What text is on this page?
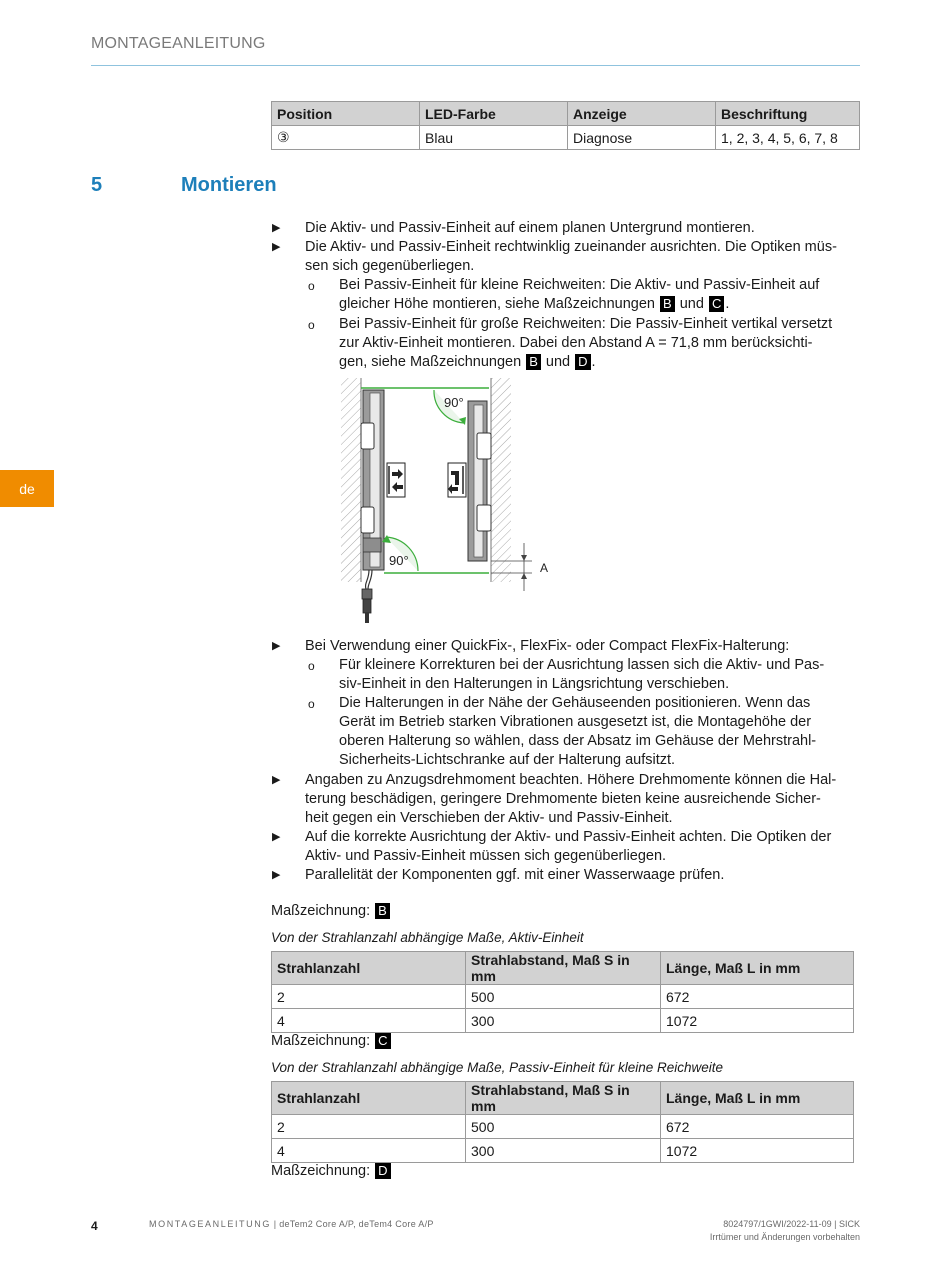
MONTAGEANLEITUNG
de
Position	LED-Farbe	Anzeige	Beschriftung
③	Blau	Diagnose	1, 2, 3, 4, 5, 6, 7, 8
5	Montieren
▶ Die Aktiv- und Passiv-Einheit auf einem planen Untergrund montieren.
▶ Die Aktiv- und Passiv-Einheit rechtwinklig zueinander ausrichten. Die Optiken müs-
sen sich gegenüberliegen.
o Bei Passiv-Einheit für kleine Reichweiten: Die Aktiv- und Passiv-Einheit auf
gleicher Höhe montieren, siehe Maßzeichnungen B und C .
o Bei Passiv-Einheit für große Reichweiten: Die Passiv-Einheit vertikal versetzt
zur Aktiv-Einheit montieren. Dabei den Abstand A = 71,8 mm berücksichti-
gen, siehe Maßzeichnungen B und D .
90°
90°	A
▶ Bei Verwendung einer QuickFix-, FlexFix- oder Compact FlexFix-Halterung:
o Für kleinere Korrekturen bei der Ausrichtung lassen sich die Aktiv- und Pas-
siv-Einheit in den Halterungen in Längsrichtung verschieben.
o Die Halterungen in der Nähe der Gehäuseenden positionieren. Wenn das
Gerät im Betrieb starken Vibrationen ausgesetzt ist, die Montagehöhe der
oberen Halterung so wählen, dass der Absatz im Gehäuse der Mehrstrahl-
Sicherheits-Lichtschranke auf der Halterung aufsitzt.
▶ Angaben zu Anzugsdrehmoment beachten. Höhere Drehmomente können die Hal-
terung beschädigen, geringere Drehmomente bieten keine ausreichende Sicher-
heit gegen ein Verschieben der Aktiv- und Passiv-Einheit.
▶ Auf die korrekte Ausrichtung der Aktiv- und Passiv-Einheit achten. Die Optiken der
Aktiv- und Passiv-Einheit müssen sich gegenüberliegen.
▶ Parallelität der Komponenten ggf. mit einer Wasserwaage prüfen.
Maßzeichnung: B
Von der Strahlanzahl abhängige Maße, Aktiv-Einheit
Strahlanzahl	Strahlabstand, Maß S in mm	Länge, Maß L in mm
2	500	672
4	300	1072
Maßzeichnung: C
Von der Strahlanzahl abhängige Maße, Passiv-Einheit für kleine Reichweite
Strahlanzahl	Strahlabstand, Maß S in mm	Länge, Maß L in mm
2	500	672
4	300	1072
Maßzeichnung: D
4	MONTAGEANLEITUNG | deTem2 Core A/P, deTem4 Core A/P	8024797/1GWI/2022-11-09 | SICK
Irrtümer und Änderungen vorbehalten
